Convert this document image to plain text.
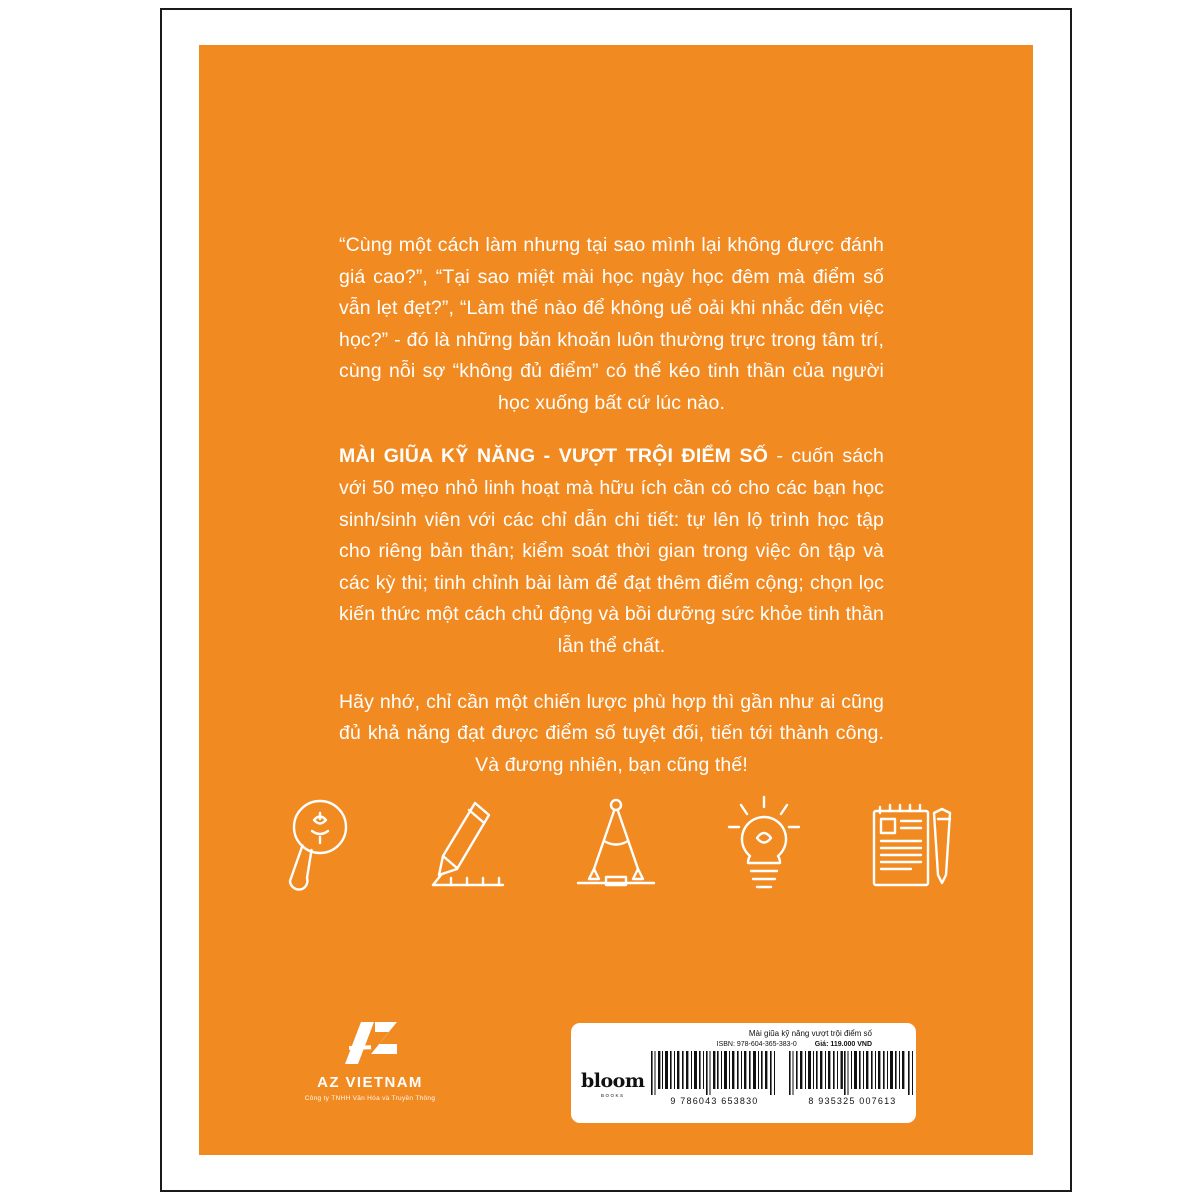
“Cùng một cách làm nhưng tại sao mình lại không được đánh giá cao?”, “Tại sao miệt mài học ngày học đêm mà điểm số vẫn lẹt đẹt?”, “Làm thế nào để không uể oải khi nhắc đến việc học?” - đó là những băn khoăn luôn thường trực trong tâm trí, cùng nỗi sợ “không đủ điểm” có thể kéo tinh thần của người học xuống bất cứ lúc nào.

MÀI GIŨA KỸ NĂNG - VƯỢT TRỘI ĐIỂM SỐ - cuốn sách với 50 mẹo nhỏ linh hoạt mà hữu ích cần có cho các bạn học sinh/sinh viên với các chỉ dẫn chi tiết: tự lên lộ trình học tập cho riêng bản thân; kiểm soát thời gian trong việc ôn tập và các kỳ thi; tinh chỉnh bài làm để đạt thêm điểm cộng; chọn lọc kiến thức một cách chủ động và bồi dưỡng sức khỏe tinh thần lẫn thể chất.

Hãy nhớ, chỉ cần một chiến lược phù hợp thì gần như ai cũng đủ khả năng đạt được điểm số tuyệt đối, tiến tới thành công. Và đương nhiên, bạn cũng thế!

AZ VIETNAM
Công ty TNHH Văn Hóa và Truyền Thông
Mài giũa kỹ năng vượt trội điểm số
ISBN: 978-604-365-383-0	Giá: 119.000 VND
bloom
BOOKS
9 786043 653830	8 935325 007613
